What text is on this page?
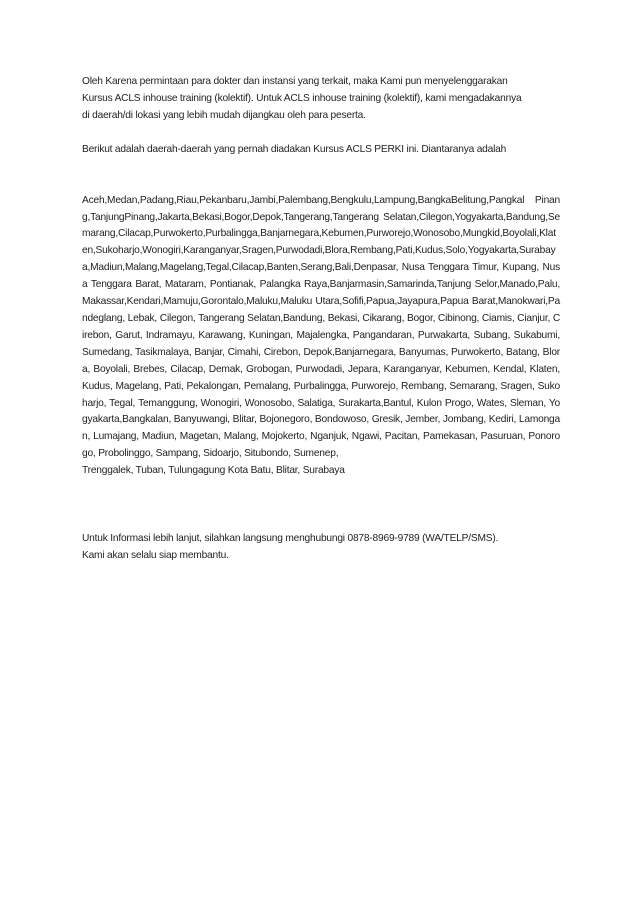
Oleh Karena permintaan para dokter dan instansi yang terkait, maka Kami pun menyelenggarakan

Kursus ACLS inhouse training (kolektif). Untuk ACLS inhouse training (kolektif), kami mengadakannya

di daerah/di lokasi yang lebih mudah dijangkau oleh para peserta.

Berikut adalah daerah-daerah yang pernah diadakan Kursus ACLS PERKI ini. Diantaranya adalah

Aceh,Medan,Padang,Riau,Pekanbaru,Jambi,Palembang,Bengkulu,Lampung,BangkaBelitung,Pangkal Pinang,TanjungPinang,Jakarta,Bekasi,Bogor,Depok,Tangerang,Tangerang Selatan,Cilegon,Yogyakarta,Bandung,Semarang,Cilacap,Purwokerto,Purbalingga,Banjarnegara,Kebumen,Purworejo,Wonosobo,Mungkid,Boyolali,Klaten,Sukoharjo,Wonogiri,Karanganyar,Sragen,Purwodadi,Blora,Rembang,Pati,Kudus,Solo,Yogyakarta,Surabaya,Madiun,Malang,Magelang,Tegal,Cilacap,Banten,Serang,Bali,Denpasar, Nusa Tenggara Timur, Kupang, Nusa Tenggara Barat, Mataram, Pontianak, Palangka Raya,Banjarmasin,Samarinda,Tanjung Selor,Manado,Palu,Makassar,Kendari,Mamuju,Gorontalo,Maluku,Maluku Utara,Sofifi,Papua,Jayapura,Papua Barat,Manokwari,Pandeglang, Lebak, Cilegon, Tangerang Selatan,Bandung, Bekasi, Cikarang, Bogor, Cibinong, Ciamis, Cianjur, Cirebon, Garut, Indramayu, Karawang, Kuningan, Majalengka, Pangandaran, Purwakarta, Subang, Sukabumi, Sumedang, Tasikmalaya, Banjar, Cimahi, Cirebon, Depok,Banjarnegara, Banyumas, Purwokerto, Batang, Blora, Boyolali, Brebes, Cilacap, Demak, Grobogan, Purwodadi, Jepara, Karanganyar, Kebumen, Kendal, Klaten, Kudus, Magelang, Pati, Pekalongan, Pemalang, Purbalingga, Purworejo, Rembang, Semarang, Sragen, Sukoharjo, Tegal, Temanggung, Wonogiri, Wonosobo, Salatiga, Surakarta,Bantul, Kulon Progo, Wates, Sleman, Yogyakarta,Bangkalan, Banyuwangi, Blitar, Bojonegoro, Bondowoso, Gresik, Jember, Jombang, Kediri, Lamongan, Lumajang, Madiun, Magetan, Malang, Mojokerto, Nganjuk, Ngawi, Pacitan, Pamekasan, Pasuruan, Ponorogo, Probolinggo, Sampang, Sidoarjo, Situbondo, Sumenep,

Trenggalek, Tuban, Tulungagung Kota Batu, Blitar, Surabaya

Untuk Informasi lebih lanjut, silahkan langsung menghubungi 0878-8969-9789 (WA/TELP/SMS).

Kami akan selalu siap membantu.
